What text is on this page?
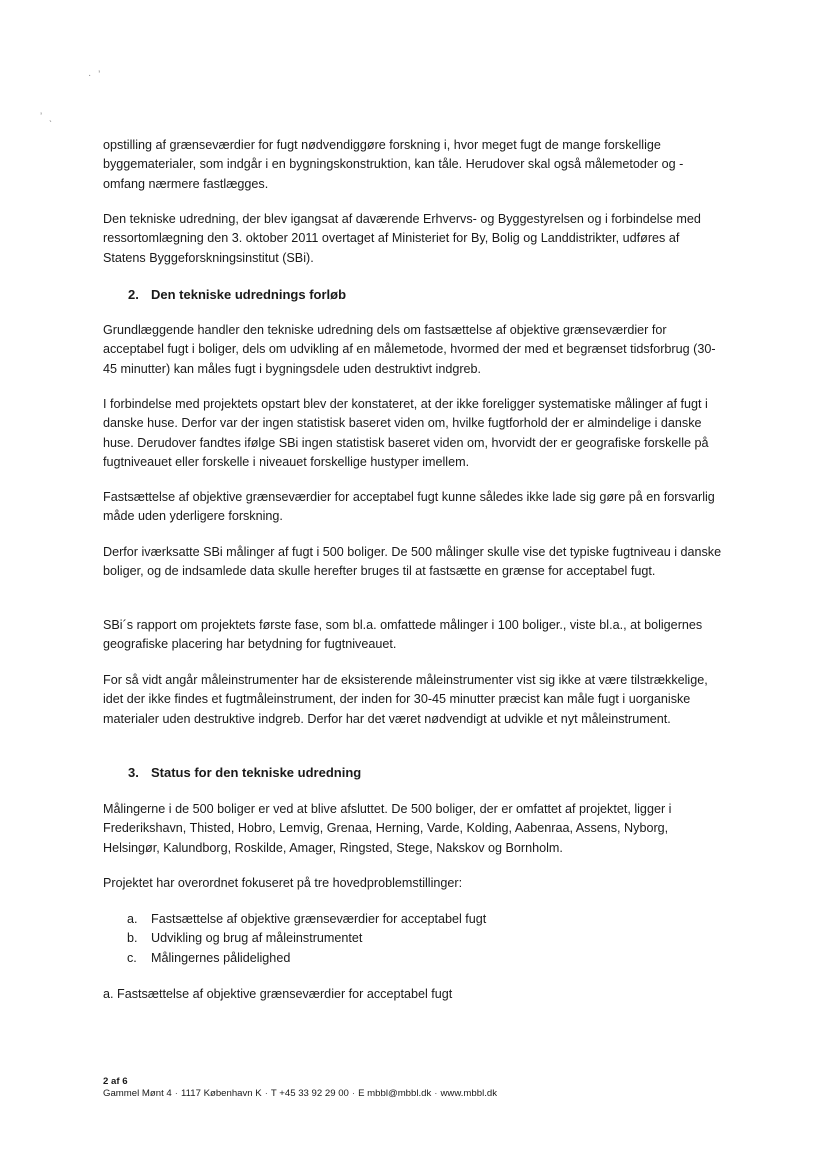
· ʼ
ʼ ˎ

opstilling af grænseværdier for fugt nødvendiggøre forskning i, hvor meget fugt de mange forskellige byggematerialer, som indgår i en bygningskonstruktion, kan tåle. Herudover skal også målemetoder og -omfang nærmere fastlægges.

Den tekniske udredning, der blev igangsat af daværende Erhvervs- og Byggestyrelsen og i forbindelse med ressortomlægning den 3. oktober 2011 overtaget af Ministeriet for By, Bolig og Landdistrikter, udføres af Statens Byggeforskningsinstitut (SBi).

2. Den tekniske udrednings forløb

Grundlæggende handler den tekniske udredning dels om fastsættelse af objektive grænseværdier for acceptabel fugt i boliger, dels om udvikling af en målemetode, hvormed der med et begrænset tidsforbrug (30-45 minutter) kan måles fugt i bygningsdele uden destruktivt indgreb.

I forbindelse med projektets opstart blev der konstateret, at der ikke foreligger systematiske målinger af fugt i danske huse. Derfor var der ingen statistisk baseret viden om, hvilke fugtforhold der er almindelige i danske huse. Derudover fandtes ifølge SBi ingen statistisk baseret viden om, hvorvidt der er geografiske forskelle på fugtniveauet eller forskelle i niveauet forskellige hustyper imellem.

Fastsættelse af objektive grænseværdier for acceptabel fugt kunne således ikke lade sig gøre på en forsvarlig måde uden yderligere forskning.

Derfor iværksatte SBi målinger af fugt i 500 boliger. De 500 målinger skulle vise det typiske fugtniveau i danske boliger, og de indsamlede data skulle herefter bruges til at fastsætte en grænse for acceptabel fugt.

SBi´s rapport om projektets første fase, som bl.a. omfattede målinger i 100 boliger., viste bl.a., at boligernes geografiske placering har betydning for fugtniveauet.

For så vidt angår måleinstrumenter har de eksisterende måleinstrumenter vist sig ikke at være tilstrækkelige, idet der ikke findes et fugtmåleinstrument, der inden for 30-45 minutter præcist kan måle fugt i uorganiske materialer uden destruktive indgreb. Derfor har det været nødvendigt at udvikle et nyt måleinstrument.

3. Status for den tekniske udredning

Målingerne i de 500 boliger er ved at blive afsluttet. De 500 boliger, der er omfattet af projektet, ligger i Frederikshavn, Thisted, Hobro, Lemvig, Grenaa, Herning, Varde, Kolding, Aabenraa, Assens, Nyborg, Helsingør, Kalundborg, Roskilde, Amager, Ringsted, Stege, Nakskov og Bornholm.

Projektet har overordnet fokuseret på tre hovedproblemstillinger:

a.	Fastsættelse af objektive grænseværdier for acceptabel fugt
b.	Udvikling og brug af måleinstrumentet
c.	Målingernes pålidelighed

a. Fastsættelse af objektive grænseværdier for acceptabel fugt

2 af 6
Gammel Mønt 4 · 1117 København K · T +45 33 92 29 00 · E mbbl@mbbl.dk · www.mbbl.dk
